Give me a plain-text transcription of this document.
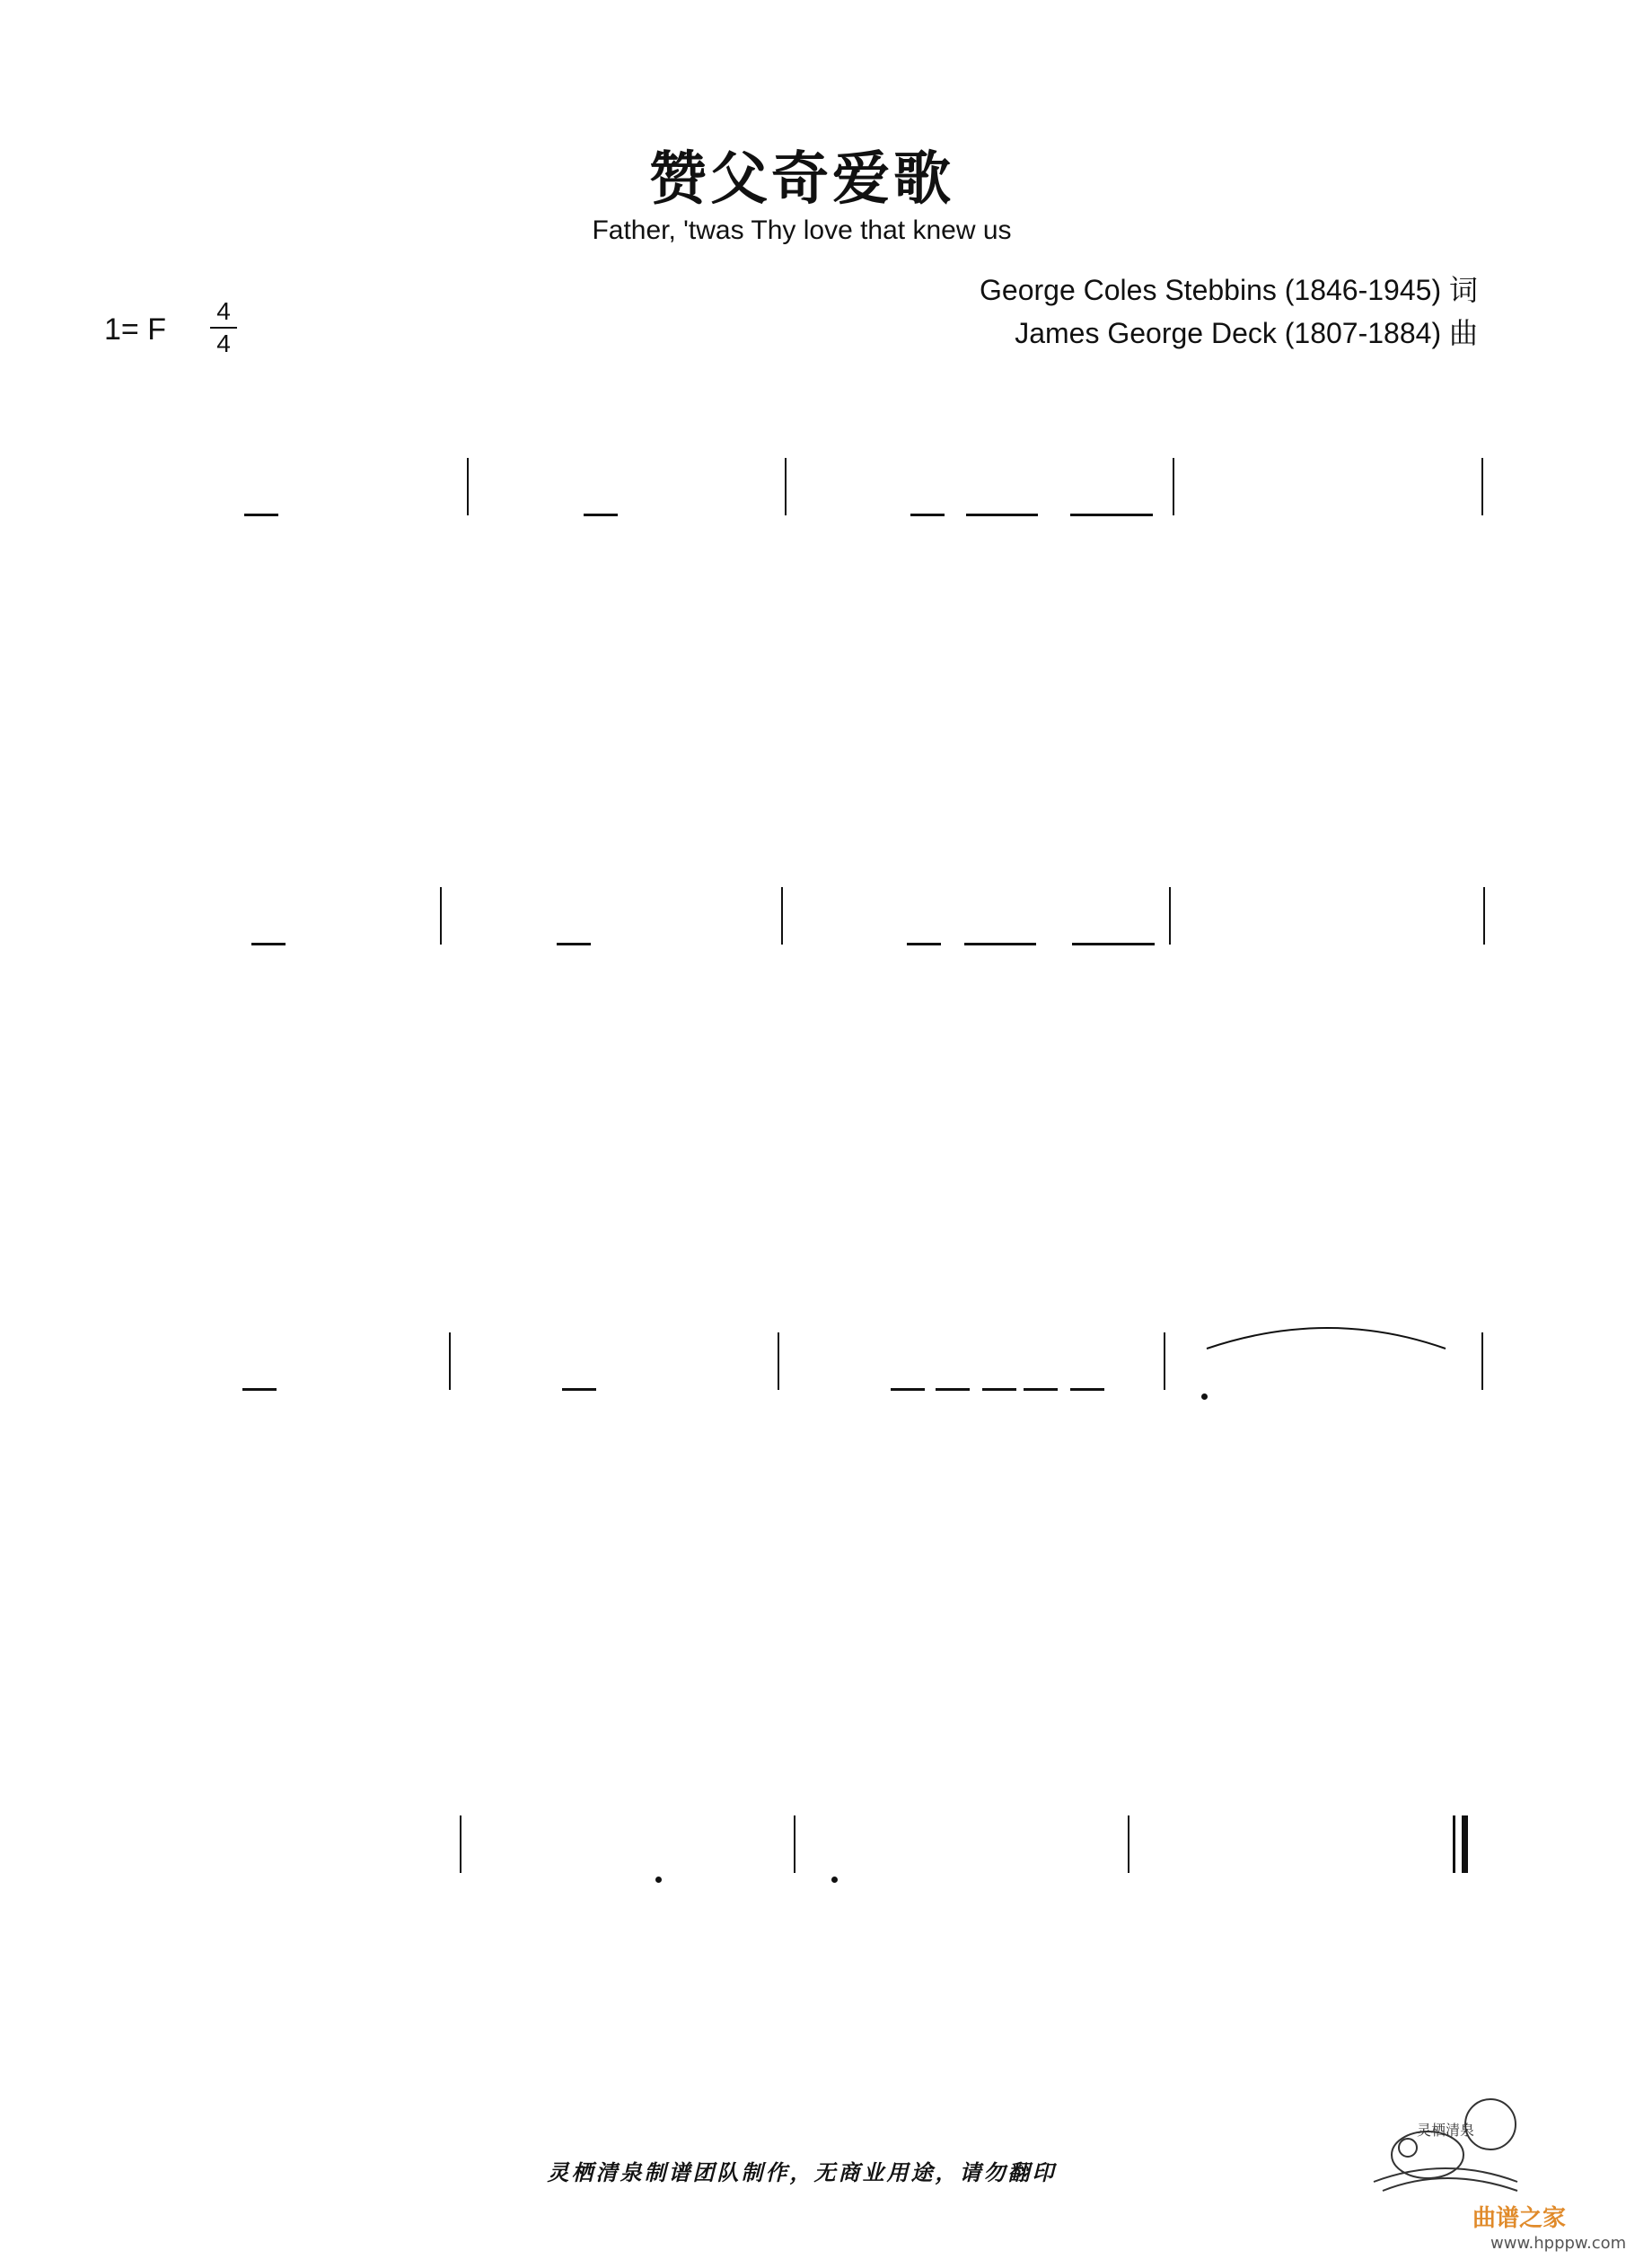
赞父奇爱歌
Father, 'twas Thy love that knew us
George Coles Stebbins (1846-1945) 词
James George Deck (1807-1884) 曲
1= F
4
4
灵栖清泉制谱团队制作，无商业用途，请勿翻印
灵栖清泉
曲谱之家
www.hpppw.com
